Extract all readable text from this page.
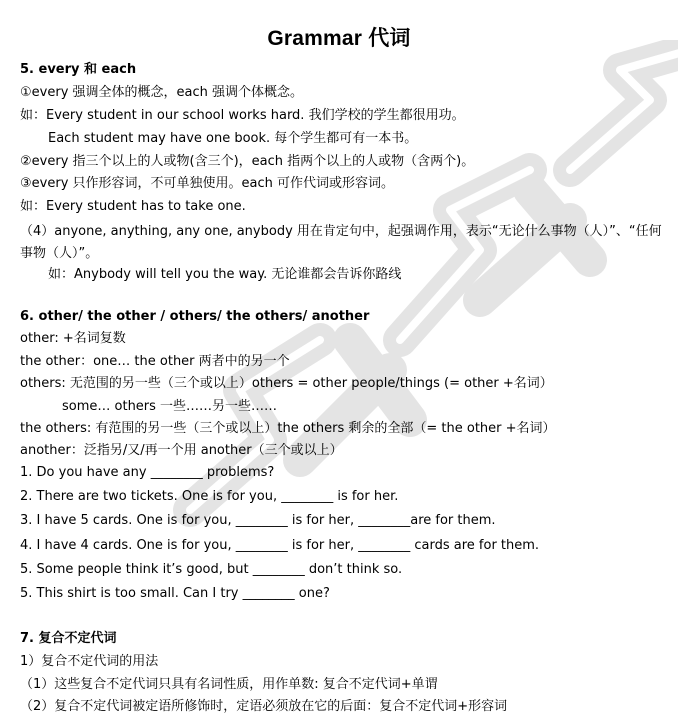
Grammar 代词
5. every 和 each
①every 强调全体的概念，each 强调个体概念。
如：Every student in our school works hard. 我们学校的学生都很用功。
Each student may have one book. 每个学生都可有一本书。
②every 指三个以上的人或物(含三个)，each 指两个以上的人或物（含两个)。
③every 只作形容词，不可单独使用。each 可作代词或形容词。
如：Every student has to take one.
（4）anyone, anything, any one, anybody 用在肯定句中，起强调作用，表示“无论什么事物（人）”、“任何事物（人）”。
如：Anybody will tell you the way. 无论谁都会告诉你路线
6. other/ the other / others/ the others/ another
other: +名词复数
the other：one… the other 两者中的另一个
others: 无范围的另一些（三个或以上）others = other people/things (= other +名词）
some… others 一些……另一些……
the others: 有范围的另一些（三个或以上）the others 剩余的全部（= the other +名词）
another：泛指另/又/再一个用 another（三个或以上）
1. Do you have any ________ problems?
2. There are two tickets. One is for you, ________ is for her.
3. I have 5 cards. One is for you, ________ is for her, ________are for them.
4. I have 4 cards. One is for you, ________ is for her, ________ cards are for them.
5. Some people think it’s good, but ________ don’t think so.
5. This shirt is too small. Can I try ________ one?
7. 复合不定代词
1）复合不定代词的用法
（1）这些复合不定代词只具有名词性质，用作单数: 复合不定代词+单谓
（2）复合不定代词被定语所修饰时，定语必须放在它的后面：复合不定代词+形容词
